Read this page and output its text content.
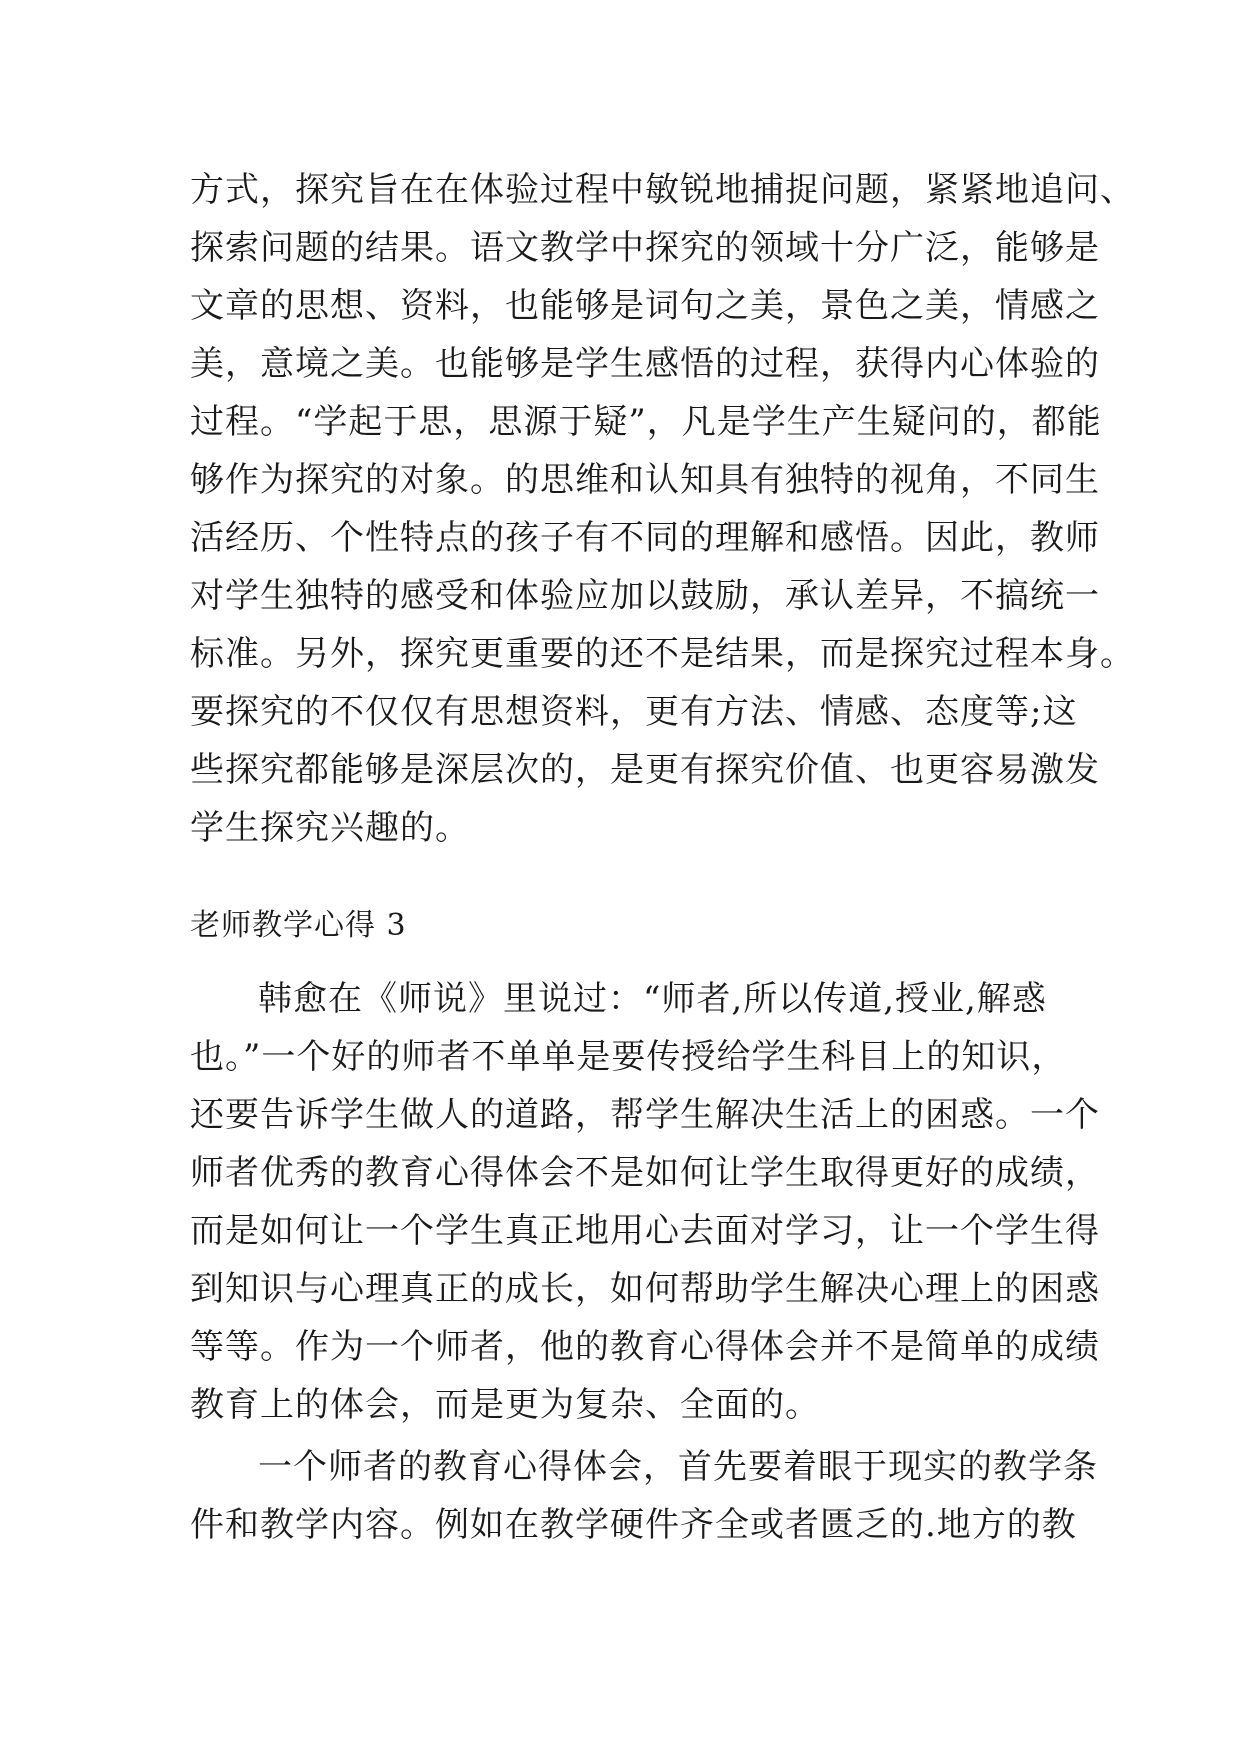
方式，探究旨在在体验过程中敏锐地捕捉问题，紧紧地追问、
探索问题的结果。语文教学中探究的领域十分广泛，能够是
文章的思想、资料，也能够是词句之美，景色之美，情感之
美，意境之美。也能够是学生感悟的过程，获得内心体验的
过程。“学起于思，思源于疑”，凡是学生产生疑问的，都能
够作为探究的对象。的思维和认知具有独特的视角，不同生
活经历、个性特点的孩子有不同的理解和感悟。因此，教师
对学生独特的感受和体验应加以鼓励，承认差异，不搞统一
标准。另外，探究更重要的还不是结果，而是探究过程本身。
要探究的不仅仅有思想资料，更有方法、情感、态度等;这
些探究都能够是深层次的，是更有探究价值、也更容易激发
学生探究兴趣的。
老师教学心得 3
韩愈在《师说》里说过：“师者,所以传道,授业,解惑
也。”一个好的师者不单单是要传授给学生科目上的知识，
还要告诉学生做人的道路，帮学生解决生活上的困惑。一个
师者优秀的教育心得体会不是如何让学生取得更好的成绩，
而是如何让一个学生真正地用心去面对学习，让一个学生得
到知识与心理真正的成长，如何帮助学生解决心理上的困惑
等等。作为一个师者，他的教育心得体会并不是简单的成绩
教育上的体会，而是更为复杂、全面的。
一个师者的教育心得体会，首先要着眼于现实的教学条
件和教学内容。例如在教学硬件齐全或者匮乏的.地方的教
